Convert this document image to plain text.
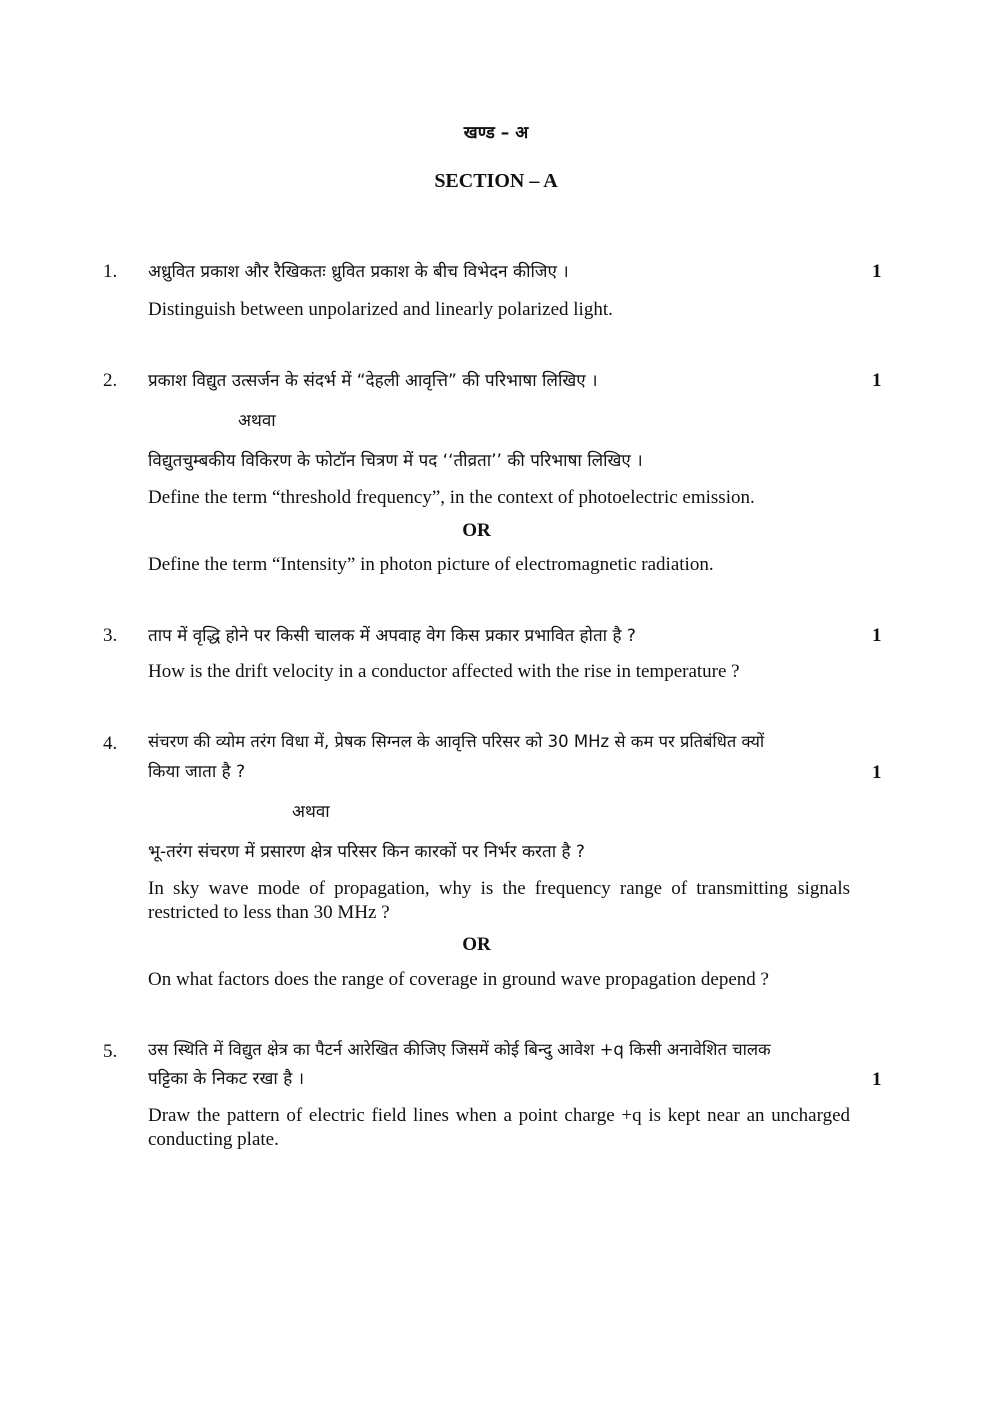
खण्ड – अ
SECTION – A
1. अध्रुवित प्रकाश और रैखिकतः ध्रुवित प्रकाश के बीच विभेदन कीजिए ।	1
Distinguish between unpolarized and linearly polarized light.
2. प्रकाश विद्युत उत्सर्जन के संदर्भ में “देहली आवृत्ति” की परिभाषा लिखिए ।	1
अथवा
विद्युतचुम्बकीय विकिरण के फोटॉन चित्रण में पद ‘‘तीव्रता’’ की परिभाषा लिखिए ।
Define the term “threshold frequency”, in the context of photoelectric emission.
OR
Define the term “Intensity” in photon picture of electromagnetic radiation.
3. ताप में वृद्धि होने पर किसी चालक में अपवाह वेग किस प्रकार प्रभावित होता है ?	1
How is the drift velocity in a conductor affected with the rise in temperature ?
4. संचरण की व्योम तरंग विधा में, प्रेषक सिग्नल के आवृत्ति परिसर को 30 MHz से कम पर प्रतिबंधित क्यों
किया जाता है ?	1
अथवा
भू-तरंग संचरण में प्रसारण क्षेत्र परिसर किन कारकों पर निर्भर करता है ?
In sky wave mode of propagation, why is the frequency range of transmitting signals restricted to less than 30 MHz ?
OR
On what factors does the range of coverage in ground wave propagation depend ?
5. उस स्थिति में विद्युत क्षेत्र का पैटर्न आरेखित कीजिए जिसमें कोई बिन्दु आवेश +q किसी अनावेशित चालक
पट्टिका के निकट रखा है ।	1
Draw the pattern of electric field lines when a point charge +q is kept near an uncharged conducting plate.
